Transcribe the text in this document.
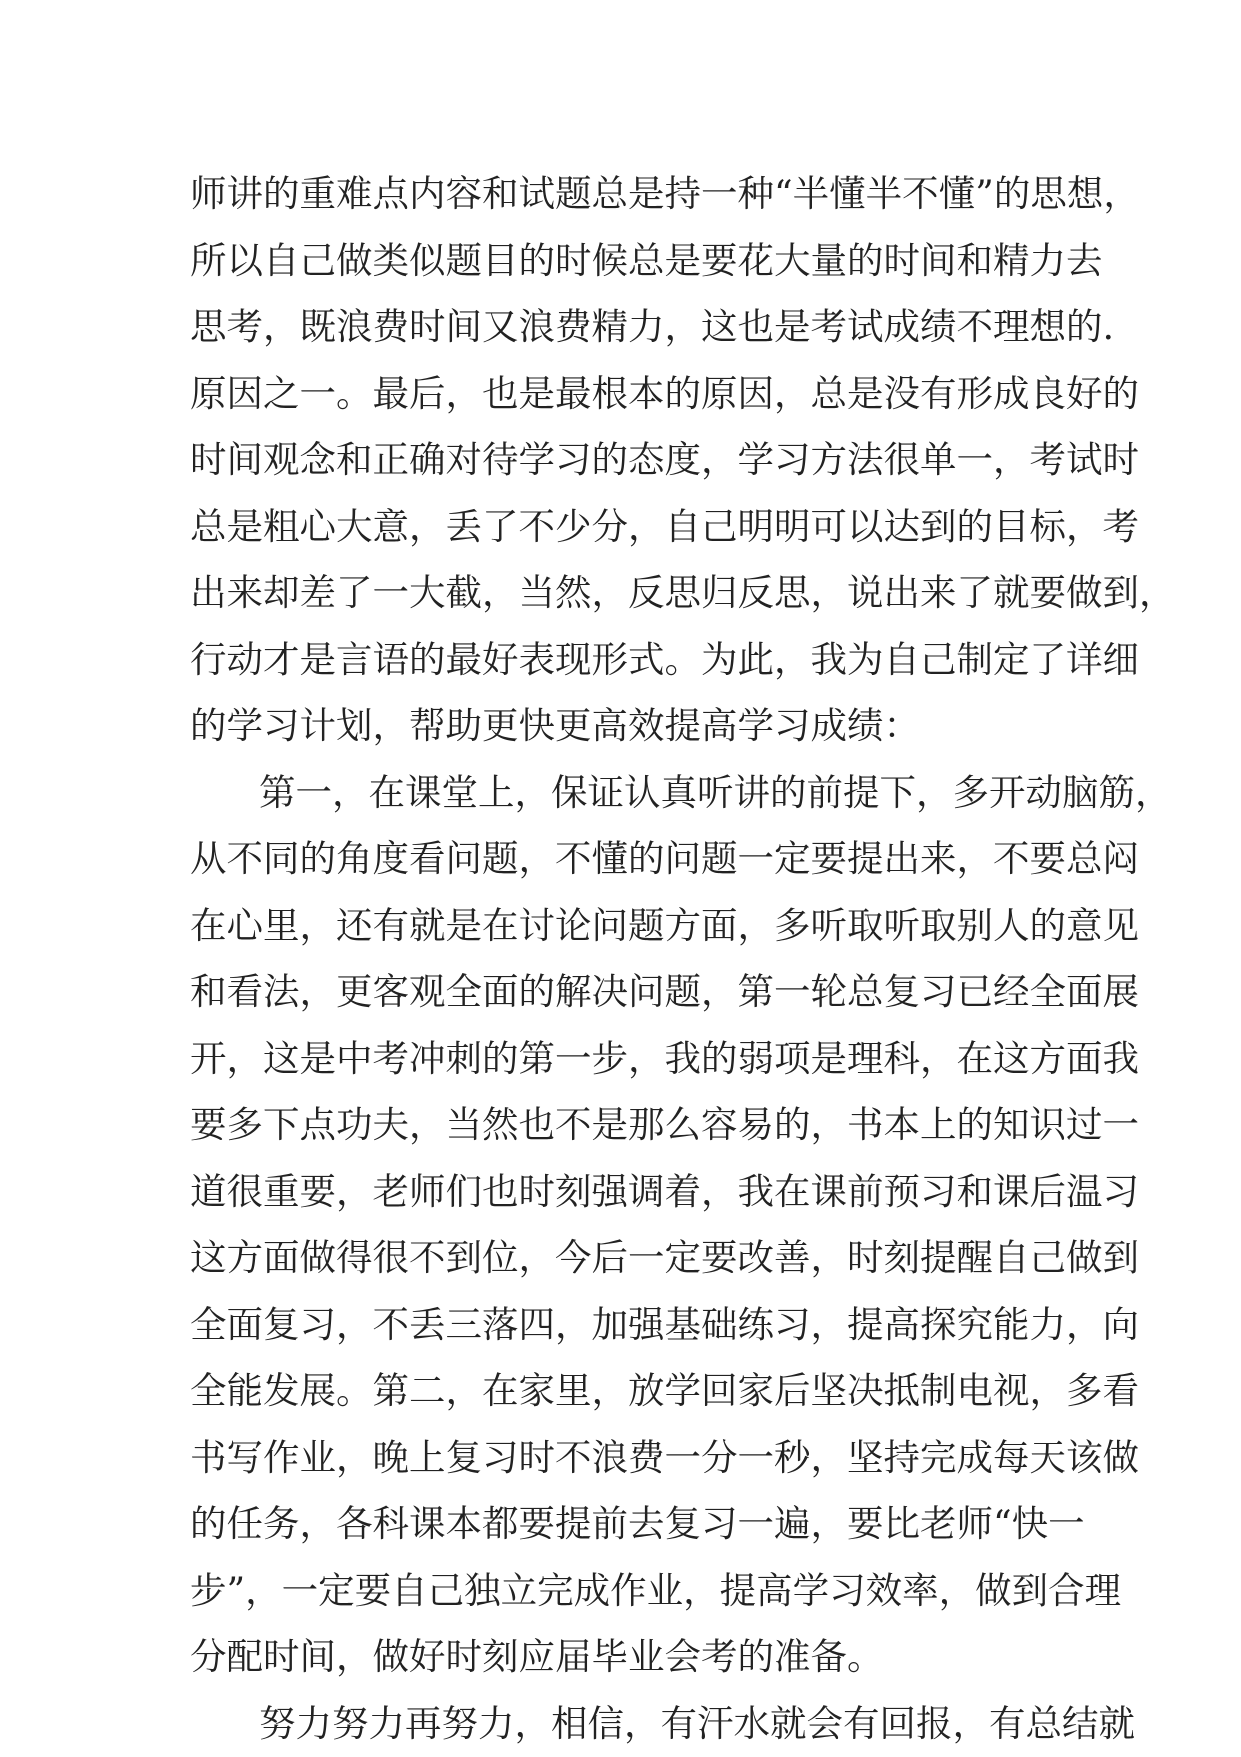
师讲的重难点内容和试题总是持一种“半懂半不懂”的思想，
所以自己做类似题目的时候总是要花大量的时间和精力去
思考，既浪费时间又浪费精力，这也是考试成绩不理想的.
原因之一。最后，也是最根本的原因，总是没有形成良好的
时间观念和正确对待学习的态度，学习方法很单一，考试时
总是粗心大意，丢了不少分，自己明明可以达到的目标，考
出来却差了一大截，当然，反思归反思，说出来了就要做到，
行动才是言语的最好表现形式。为此，我为自己制定了详细
的学习计划，帮助更快更高效提高学习成绩：
第一，在课堂上，保证认真听讲的前提下，多开动脑筋，
从不同的角度看问题，不懂的问题一定要提出来，不要总闷
在心里，还有就是在讨论问题方面，多听取听取别人的意见
和看法，更客观全面的解决问题，第一轮总复习已经全面展
开，这是中考冲刺的第一步，我的弱项是理科，在这方面我
要多下点功夫，当然也不是那么容易的，书本上的知识过一
道很重要，老师们也时刻强调着，我在课前预习和课后温习
这方面做得很不到位，今后一定要改善，时刻提醒自己做到
全面复习，不丢三落四，加强基础练习，提高探究能力，向
全能发展。第二，在家里，放学回家后坚决抵制电视，多看
书写作业，晚上复习时不浪费一分一秒，坚持完成每天该做
的任务，各科课本都要提前去复习一遍，要比老师“快一
步”，一定要自己独立完成作业，提高学习效率，做到合理
分配时间，做好时刻应届毕业会考的准备。
努力努力再努力，相信，有汗水就会有回报，有总结就
